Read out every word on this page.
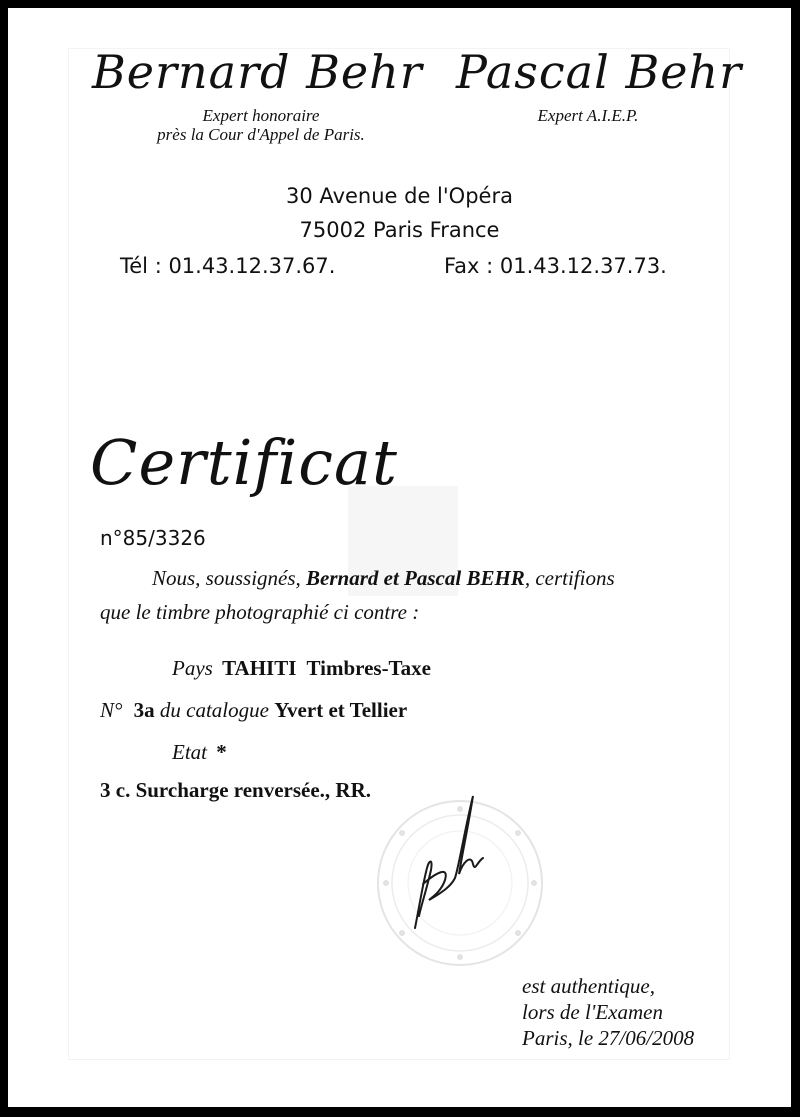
Bernard Behr Pascal Behr
Expert honoraire
près la Cour d'Appel de Paris.
Expert A.I.E.P.
30 Avenue de l'Opéra
75002 Paris France
Tél : 01.43.12.37.67.	Fax : 01.43.12.37.73.
Certificat
n°85/3326
Nous, soussignés, Bernard et Pascal BEHR, certifions
que le timbre photographié ci contre :
Pays TAHITI  Timbres-Taxe
N° 3a du catalogue Yvert et Tellier
Etat *
3 c. Surcharge renversée., RR.
est authentique,
lors de l'Examen
Paris, le 27/06/2008
